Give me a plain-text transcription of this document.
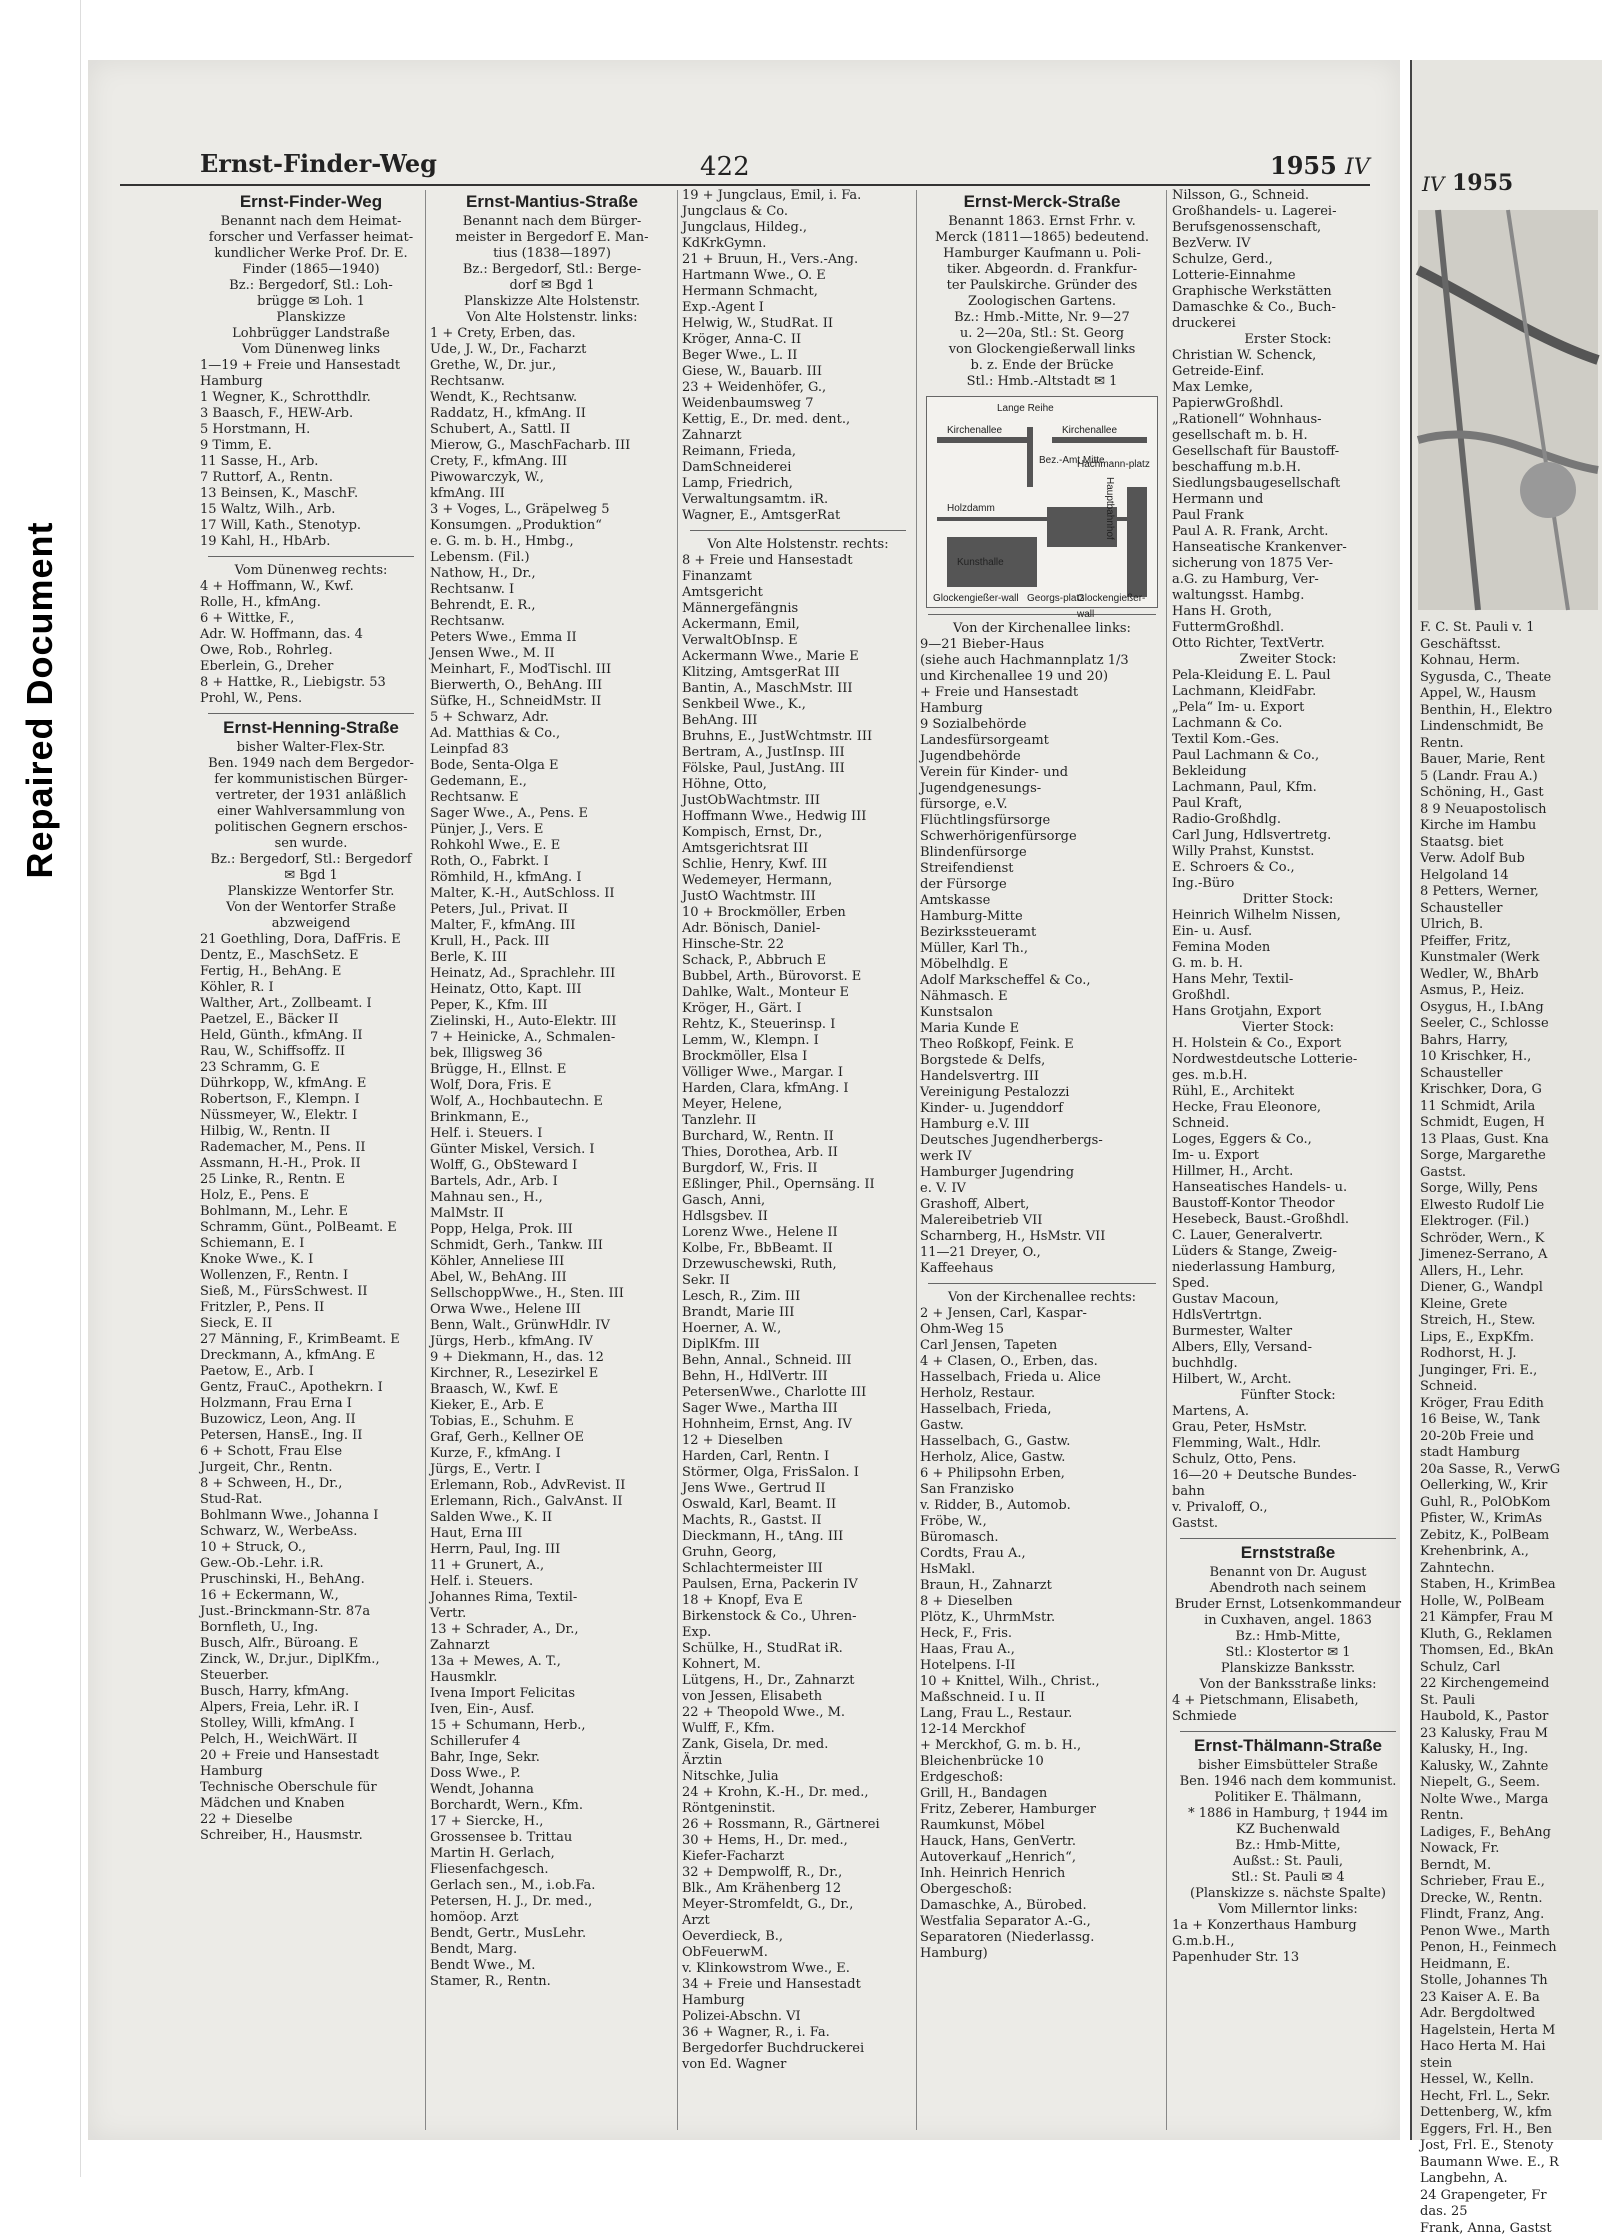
Repaired Document
Ernst-Finder-Weg	422	1955 IV
Ernst-Finder-Weg
Benannt nach dem Heimat-
forscher und Verfasser heimat-
kundlicher Werke Prof. Dr. E.
Finder (1865—1940)
Bz.: Bergedorf, Stl.: Loh-
brügge ✉ Loh. 1
Planskizze
Lohbrügger Landstraße
Vom Dünenweg links
1—19 + Freie und Hansestadt
Hamburg
1 Wegner, K., Schrotthdlr.
3 Baasch, F., HEW-Arb.
5 Horstmann, H.
9 Timm, E.
11 Sasse, H., Arb.
7 Ruttorf, A., Rentn.
13 Beinsen, K., MaschF.
15 Waltz, Wilh., Arb.
17 Will, Kath., Stenotyp.
19 Kahl, H., HbArb.
Vom Dünenweg rechts:
4 + Hoffmann, W., Kwf.
Rolle, H., kfmAng.
6 + Wittke, F.,
Adr. W. Hoffmann, das. 4
Owe, Rob., Rohrleg.
Eberlein, G., Dreher
8 + Hattke, R., Liebigstr. 53
Prohl, W., Pens.
Ernst-Henning-Straße
bisher Walter-Flex-Str.
Ben. 1949 nach dem Bergedor-
fer kommunistischen Bürger-
vertreter, der 1931 anläßlich
einer Wahlversammlung von
politischen Gegnern erschos-
sen wurde.
Bz.: Bergedorf, Stl.: Bergedorf
✉ Bgd 1
Planskizze Wentorfer Str.
Von der Wentorfer Straße
abzweigend
21 Goethling, Dora, DafFris. E
Dentz, E., MaschSetz. E
Fertig, H., BehAng. E
Köhler, R. I
Walther, Art., Zollbeamt. I
Paetzel, E., Bäcker II
Held, Günth., kfmAng. II
Rau, W., Schiffsoffz. II
23 Schramm, G. E
Dührkopp, W., kfmAng. E
Robertson, F., Klempn. I
Nüssmeyer, W., Elektr. I
Hilbig, W., Rentn. II
Rademacher, M., Pens. II
Assmann, H.-H., Prok. II
25 Linke, R., Rentn. E
Holz, E., Pens. E
Bohlmann, M., Lehr. E
Schramm, Günt., PolBeamt. E
Schiemann, E. I
Knoke Wwe., K. I
Wollenzen, F., Rentn. I
Sieß, M., FürsSchwest. II
Fritzler, P., Pens. II
Sieck, E. II
27 Männing, F., KrimBeamt. E
Dreckmann, A., kfmAng. E
Paetow, E., Arb. I
Gentz, FrauC., Apothekrn. I
Holzmann, Frau Erna I
Buzowicz, Leon, Ang. II
Petersen, HansE., Ing. II
6 + Schott, Frau Else
Jurgeit, Chr., Rentn.
8 + Schween, H., Dr.,
Stud-Rat.
Bohlmann Wwe., Johanna I
Schwarz, W., WerbeAss.
10 + Struck, O.,
Gew.-Ob.-Lehr. i.R.
Pruschinski, H., BehAng.
16 + Eckermann, W.,
Just.-Brinckmann-Str. 87a
Bornfleth, U., Ing.
Busch, Alfr., Büroang. E
Zinck, W., Dr.jur., DiplKfm.,
Steuerber.
Busch, Harry, kfmAng.
Alpers, Freia, Lehr. iR. I
Stolley, Willi, kfmAng. I
Pelch, H., WeichWärt. II
20 + Freie und Hansestadt
Hamburg
Technische Oberschule für
Mädchen und Knaben
22 + Dieselbe
Schreiber, H., Hausmstr.
Ernst-Mantius-Straße
Benannt nach dem Bürger-
meister in Bergedorf E. Man-
tius (1838—1897)
Bz.: Bergedorf, Stl.: Berge-
dorf ✉ Bgd 1
Planskizze Alte Holstenstr.
Von Alte Holstenstr. links:
1 + Crety, Erben, das.
Ude, J. W., Dr., Facharzt
Grethe, W., Dr. jur.,
Rechtsanw.
Wendt, K., Rechtsanw.
Raddatz, H., kfmAng. II
Schubert, A., Sattl. II
Mierow, G., MaschFacharb. III
Crety, F., kfmAng. III
Piwowarczyk, W.,
kfmAng. III
3 + Voges, L., Gräpelweg 5
Konsumgen. „Produktion“
e. G. m. b. H., Hmbg.,
Lebensm. (Fil.)
Nathow, H., Dr.,
Rechtsanw. I
Behrendt, E. R.,
Rechtsanw.
Peters Wwe., Emma II
Jensen Wwe., M. II
Meinhart, F., ModTischl. III
Bierwerth, O., BehAng. III
Süfke, H., SchneidMstr. II
5 + Schwarz, Adr.
Ad. Matthias & Co.,
Leinpfad 83
Bode, Senta-Olga E
Gedemann, E.,
Rechtsanw. E
Sager Wwe., A., Pens. E
Pünjer, J., Vers. E
Rohkohl Wwe., E. E
Roth, O., Fabrkt. I
Römhild, H., kfmAng. I
Malter, K.-H., AutSchloss. II
Peters, Jul., Privat. II
Malter, F., kfmAng. III
Krull, H., Pack. III
Berle, K. III
Heinatz, Ad., Sprachlehr. III
Heinatz, Otto, Kapt. III
Peper, K., Kfm. III
Zielinski, H., Auto-Elektr. III
7 + Heinicke, A., Schmalen-
bek, Illigsweg 36
Brügge, H., Ellnst. E
Wolf, Dora, Fris. E
Wolf, A., Hochbautechn. E
Brinkmann, E.,
Helf. i. Steuers. I
Günter Miskel, Versich. I
Wolff, G., ObSteward I
Bartels, Adr., Arb. I
Mahnau sen., H.,
MalMstr. II
Popp, Helga, Prok. III
Schmidt, Gerh., Tankw. III
Köhler, Anneliese III
Abel, W., BehAng. III
SellschoppWwe., H., Sten. III
Orwa Wwe., Helene III
Benn, Walt., GrünwHdlr. IV
Jürgs, Herb., kfmAng. IV
9 + Diekmann, H., das. 12
Kirchner, R., Lesezirkel E
Braasch, W., Kwf. E
Kieker, E., Arb. E
Tobias, E., Schuhm. E
Graf, Gerh., Kellner OE
Kurze, F., kfmAng. I
Jürgs, E., Vertr. I
Erlemann, Rob., AdvRevist. II
Erlemann, Rich., GalvAnst. II
Salden Wwe., K. II
Haut, Erna III
Herrn, Paul, Ing. III
11 + Grunert, A.,
Helf. i. Steuers.
Johannes Rima, Textil-
Vertr.
13 + Schrader, A., Dr.,
Zahnarzt
13a + Mewes, A. T.,
Hausmklr.
Ivena Import Felicitas
Iven, Ein-, Ausf.
15 + Schumann, Herb.,
Schillerufer 4
Bahr, Inge, Sekr.
Doss Wwe., P.
Wendt, Johanna
Borchardt, Wern., Kfm.
17 + Siercke, H.,
Grossensee b. Trittau
Martin H. Gerlach,
Fliesenfachgesch.
Gerlach sen., M., i.ob.Fa.
Petersen, H. J., Dr. med.,
homöop. Arzt
Bendt, Gertr., MusLehr.
Bendt, Marg.
Bendt Wwe., M.
Stamer, R., Rentn.
19 + Jungclaus, Emil, i. Fa.
Jungclaus & Co.
Jungclaus, Hildeg.,
KdKrkGymn.
21 + Bruun, H., Vers.-Ang.
Hartmann Wwe., O. E
Hermann Schmacht,
Exp.-Agent I
Helwig, W., StudRat. II
Kröger, Anna-C. II
Beger Wwe., L. II
Giese, W., Bauarb. III
23 + Weidenhöfer, G.,
Weidenbaumsweg 7
Kettig, E., Dr. med. dent.,
Zahnarzt
Reimann, Frieda,
DamSchneiderei
Lamp, Friedrich,
Verwaltungsamtm. iR.
Wagner, E., AmtsgerRat
Von Alte Holstenstr. rechts:
8 + Freie und Hansestadt
Finanzamt
Amtsgericht
Männergefängnis
Ackermann, Emil,
VerwaltObInsp. E
Ackermann Wwe., Marie E
Klitzing, AmtsgerRat III
Bantin, A., MaschMstr. III
Senkbeil Wwe., K.,
BehAng. III
Bruhns, E., JustWchtmstr. III
Bertram, A., JustInsp. III
Fölske, Paul, JustAng. III
Höhne, Otto,
JustObWachtmstr. III
Hoffmann Wwe., Hedwig III
Kompisch, Ernst, Dr.,
Amtsgerichtsrat III
Schlie, Henry, Kwf. III
Wedemeyer, Hermann,
JustO Wachtmstr. III
10 + Brockmöller, Erben
Adr. Bönisch, Daniel-
Hinsche-Str. 22
Schack, P., Abbruch E
Bubbel, Arth., Bürovorst. E
Dahlke, Walt., Monteur E
Kröger, H., Gärt. I
Rehtz, K., Steuerinsp. I
Lemm, W., Klempn. I
Brockmöller, Elsa I
Völliger Wwe., Margar. I
Harden, Clara, kfmAng. I
Meyer, Helene,
Tanzlehr. II
Burchard, W., Rentn. II
Thies, Dorothea, Arb. II
Burgdorf, W., Fris. II
Eßlinger, Phil., Opernsäng. II
Gasch, Anni,
Hdlsgsbev. II
Lorenz Wwe., Helene II
Kolbe, Fr., BbBeamt. II
Drzewuschewski, Ruth,
Sekr. II
Lesch, R., Zim. III
Brandt, Marie III
Hoerner, A. W.,
DiplKfm. III
Behn, Annal., Schneid. III
Behn, H., HdlVertr. III
PetersenWwe., Charlotte III
Sager Wwe., Martha III
Hohnheim, Ernst, Ang. IV
12 + Dieselben
Harden, Carl, Rentn. I
Störmer, Olga, FrisSalon. I
Jens Wwe., Gertrud II
Oswald, Karl, Beamt. II
Machts, R., Gastst. II
Dieckmann, H., tAng. III
Gruhn, Georg,
Schlachtermeister III
Paulsen, Erna, Packerin IV
18 + Knopf, Eva E
Birkenstock & Co., Uhren-
Exp.
Schülke, H., StudRat iR.
Kohnert, M.
Lütgens, H., Dr., Zahnarzt
von Jessen, Elisabeth
22 + Theopold Wwe., M.
Wulff, F., Kfm.
Zank, Gisela, Dr. med.
Ärztin
Nitschke, Julia
24 + Krohn, K.-H., Dr. med.,
Röntgeninstit.
26 + Rossmann, R., Gärtnerei
30 + Hems, H., Dr. med.,
Kiefer-Facharzt
32 + Dempwolff, R., Dr.,
Blk., Am Krähenberg 12
Meyer-Stromfeldt, G., Dr.,
Arzt
Oeverdieck, B.,
ObFeuerwM.
v. Klinkowstrom Wwe., E.
34 + Freie und Hansestadt
Hamburg
Polizei-Abschn. VI
36 + Wagner, R., i. Fa.
Bergedorfer Buchdruckerei
von Ed. Wagner
Ernst-Merck-Straße
Benannt 1863. Ernst Frhr. v.
Merck (1811—1865) bedeutend.
Hamburger Kaufmann u. Poli-
tiker. Abgeordn. d. Frankfur-
ter Paulskirche. Gründer des
Zoologischen Gartens.
Bz.: Hmb.-Mitte, Nr. 9—27
u. 2—20a, Stl.: St. Georg
von Glockengießerwall links
b. z. Ende der Brücke
Stl.: Hmb.-Altstadt ✉ 1
Kirchenallee	Kirchenallee
Lange Reihe
Bez.-Amt Mitte
Hachmann-platz
Holzdamm
Kunsthalle
Glockengießer-wall Georgs-platz
Glockengießer-wall
Hauptbahnhof
Von der Kirchenallee links:
9—21 Bieber-Haus
(siehe auch Hachmannplatz 1/3
und Kirchenallee 19 und 20)
+ Freie und Hansestadt
Hamburg
9 Sozialbehörde
Landesfürsorgeamt
Jugendbehörde
Verein für Kinder- und
Jugendgenesungs-
fürsorge, e.V.
Flüchtlingsfürsorge
Schwerhörigenfürsorge
Blindenfürsorge
Streifendienst
der Fürsorge
Amtskasse
Hamburg-Mitte
Bezirkssteueramt
Müller, Karl Th.,
Möbelhdlg. E
Adolf Markscheffel & Co.,
Nähmasch. E
Kunstsalon
Maria Kunde E
Theo Roßkopf, Feink. E
Borgstede & Delfs,
Handelsvertrg. III
Vereinigung Pestalozzi
Kinder- u. Jugenddorf
Hamburg e.V. III
Deutsches Jugendherbergs-
werk IV
Hamburger Jugendring
e. V. IV
Grashoff, Albert,
Malereibetrieb VII
Scharnberg, H., HsMstr. VII
11—21 Dreyer, O.,
Kaffeehaus
Von der Kirchenallee rechts:
2 + Jensen, Carl, Kaspar-
Ohm-Weg 15
Carl Jensen, Tapeten
4 + Clasen, O., Erben, das.
Hasselbach, Frieda u. Alice
Herholz, Restaur.
Hasselbach, Frieda,
Gastw.
Hasselbach, G., Gastw.
Herholz, Alice, Gastw.
6 + Philipsohn Erben,
San Franzisko
v. Ridder, B., Automob.
Fröbe, W.,
Büromasch.
Cordts, Frau A.,
HsMakl.
Braun, H., Zahnarzt
8 + Dieselben
Plötz, K., UhrmMstr.
Heck, F., Fris.
Haas, Frau A.,
Hotelpens. I-II
10 + Knittel, Wilh., Christ.,
Maßschneid. I u. II
Lang, Frau L., Restaur.
12-14 Merckhof
+ Merckhof, G. m. b. H.,
Bleichenbrücke 10
Erdgeschoß:
Grill, H., Bandagen
Fritz, Zeberer, Hamburger
Raumkunst, Möbel
Hauck, Hans, GenVertr.
Autoverkauf „Henrich“,
Inh. Heinrich Henrich
Obergeschoß:
Damaschke, A., Bürobed.
Westfalia Separator A.-G.,
Separatoren (Niederlassg.
Hamburg)
Nilsson, G., Schneid.
Großhandels- u. Lagerei-
Berufsgenossenschaft,
BezVerw. IV
Schulze, Gerd.,
Lotterie-Einnahme
Graphische Werkstätten
Damaschke & Co., Buch-
druckerei
Erster Stock:
Christian W. Schenck,
Getreide-Einf.
Max Lemke,
PapierwGroßhdl.
„Rationell“ Wohnhaus-
gesellschaft m. b. H.
Gesellschaft für Baustoff-
beschaffung m.b.H.
Siedlungsbaugesellschaft
Hermann und
Paul Frank
Paul A. R. Frank, Archt.
Hanseatische Krankenver-
sicherung von 1875 Ver-
a.G. zu Hamburg, Ver-
waltungsst. Hambg.
Hans H. Groth,
FuttermGroßhdl.
Otto Richter, TextVertr.
Zweiter Stock:
Pela-Kleidung E. L. Paul
Lachmann, KleidFabr.
„Pela“ Im- u. Export
Lachmann & Co.
Textil Kom.-Ges.
Paul Lachmann & Co.,
Bekleidung
Lachmann, Paul, Kfm.
Paul Kraft,
Radio-Großhdlg.
Carl Jung, Hdlsvertretg.
Willy Prahst, Kunstst.
E. Schroers & Co.,
Ing.-Büro
Dritter Stock:
Heinrich Wilhelm Nissen,
Ein- u. Ausf.
Femina Moden
G. m. b. H.
Hans Mehr, Textil-
Großhdl.
Hans Grotjahn, Export
Vierter Stock:
H. Holstein & Co., Export
Nordwestdeutsche Lotterie-
ges. m.b.H.
Rühl, E., Architekt
Hecke, Frau Eleonore,
Schneid.
Loges, Eggers & Co.,
Im- u. Export
Hillmer, H., Archt.
Hanseatisches Handels- u.
Baustoff-Kontor Theodor
Hesebeck, Baust.-Großhdl.
C. Lauer, Generalvertr.
Lüders & Stange, Zweig-
niederlassung Hamburg,
Sped.
Gustav Macoun,
HdlsVertrtgn.
Burmester, Walter
Albers, Elly, Versand-
buchhdlg.
Hilbert, W., Archt.
Fünfter Stock:
Martens, A.
Grau, Peter, HsMstr.
Flemming, Walt., Hdlr.
Schulz, Otto, Pens.
16—20 + Deutsche Bundes-
bahn
v. Privaloff, O.,
Gastst.
Ernststraße
Benannt von Dr. August
Abendroth nach seinem
Bruder Ernst, Lotsenkommandeur
in Cuxhaven, angel. 1863
Bz.: Hmb-Mitte,
Stl.: Klostertor ✉ 1
Planskizze Banksstr.
Von der Banksstraße links:
4 + Pietschmann, Elisabeth,
Schmiede
Ernst-Thälmann-Straße
bisher Eimsbütteler Straße
Ben. 1946 nach dem kommunist.
Politiker E. Thälmann,
* 1886 in Hamburg, † 1944 im
KZ Buchenwald
Bz.: Hmb-Mitte,
Außst.: St. Pauli,
Stl.: St. Pauli ✉ 4
(Planskizze s. nächste Spalte)
Vom Millerntor links:
1a + Konzerthaus Hamburg
G.m.b.H.,
Papenhuder Str. 13
IV 1955
F. C. St. Pauli v. 1
Geschäftsst.
Kohnau, Herm.
Sygusda, C., Theate
Appel, W., Hausm
Benthin, H., Elektro
Lindenschmidt, Be
Rentn.
Bauer, Marie, Rent
5 (Landr. Frau A.)
Schöning, H., Gast
8 9 Neuapostolisch
Kirche im Hambu
Staatsg. biet
Verw. Adolf Bub
Helgoland 14
8 Petters, Werner,
Schausteller
Ulrich, B.
Pfeiffer, Fritz,
Kunstmaler (Werk
Wedler, W., BhArb
Asmus, P., Heiz.
Osygus, H., I.bAng
Seeler, C., Schlosse
Bahrs, Harry,
10 Krischker, H.,
Schausteller
Krischker, Dora, G
11 Schmidt, Arila
Schmidt, Eugen, H
13 Plaas, Gust. Kna
Sorge, Margarethe
Gastst.
Sorge, Willy, Pens
Elwesto Rudolf Lie
Elektroger. (Fil.)
Schröder, Wern., K
Jimenez-Serrano, A
Allers, H., Lehr.
Diener, G., Wandpl
Kleine, Grete
Streich, H., Stew.
Lips, E., ExpKfm.
Rodhorst, H. J.
Junginger, Fri. E.,
Schneid.
Kröger, Frau Edith
16 Beise, W., Tank
20-20b Freie und
stadt Hamburg
20a Sasse, R., VerwG
Oellerking, W., Krir
Guhl, R., PolObKom
Pfister, W., KrimAs
Zebitz, K., PolBeam
Krehenbrink, A.,
Zahntechn.
Staben, H., KrimBea
Holle, W., PolBeam
21 Kämpfer, Frau M
Kluth, G., Reklamen
Thomsen, Ed., BkAn
Schulz, Carl
22 Kirchengemeind
St. Pauli
Haubold, K., Pastor
23 Kalusky, Frau M
Kalusky, H., Ing.
Kalusky, W., Zahnte
Niepelt, G., Seem.
Nolte Wwe., Marga
Rentn.
Ladiges, F., BehAng
Nowack, Fr.
Berndt, M.
Schrieber, Frau E.,
Drecke, W., Rentn.
Flindt, Franz, Ang.
Penon Wwe., Marth
Penon, H., Feinmech
Heidmann, E.
Stolle, Johannes Th
23 Kaiser A. E. Ba
Adr. Bergdoltwed
Hagelstein, Herta M
Haco Herta M. Hai
stein
Hessel, W., Kelln.
Hecht, Frl. L., Sekr.
Dettenberg, W., kfm
Eggers, Frl. H., Ben
Jost, Frl. E., Stenoty
Baumann Wwe. E., R
Langbehn, A.
24 Grapengeter, Fr
das. 25
Frank, Anna, Gastst
